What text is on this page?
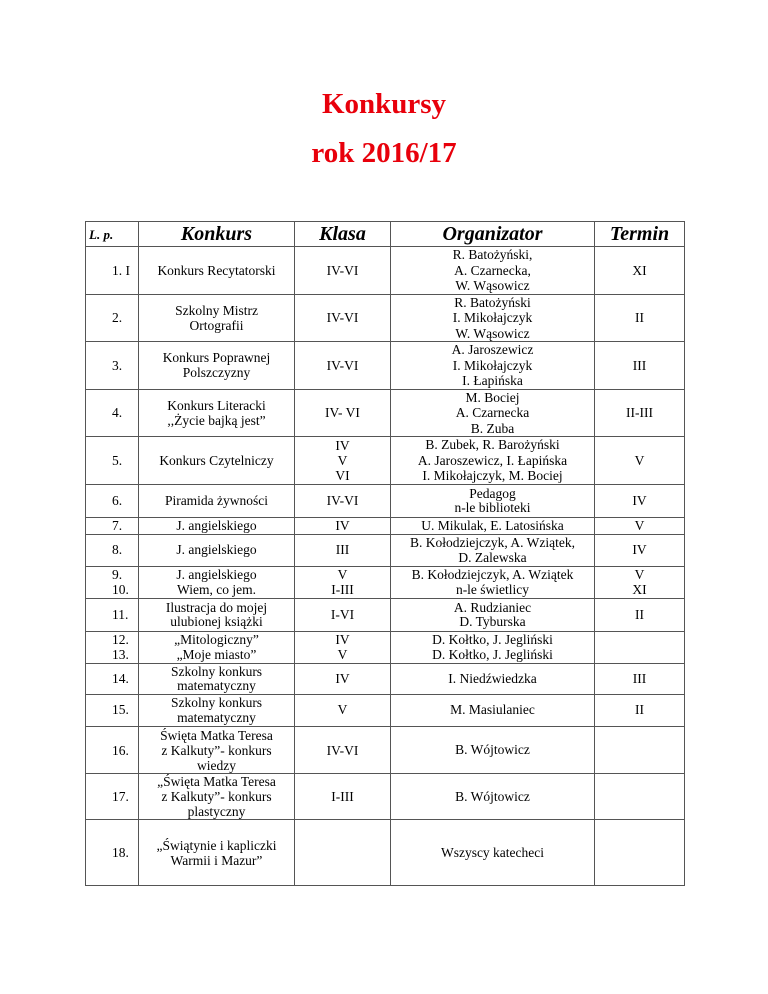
Konkursy
rok 2016/17
L. p.	Konkurs	Klasa	Organizator	Termin
1. I	Konkurs Recytatorski	IV-VI	R. Batożyński,
A. Czarnecka,
W. Wąsowicz	XI
2.	Szkolny Mistrz
Ortografii	IV-VI	R. Batożyński
I. Mikołajczyk
W. Wąsowicz	II
3.	Konkurs Poprawnej
Polszczyzny	IV-VI	A. Jaroszewicz
I. Mikołajczyk
I. Łapińska	III
4.	Konkurs Literacki
,,Życie bajką jest”	IV- VI	M. Bociej
A. Czarnecka
B. Zuba	II-III
5.	Konkurs Czytelniczy	IV
V
VI	B. Zubek, R. Barożyński
A. Jaroszewicz, I. Łapińska
I. Mikołajczyk, M. Bociej	V
6.	Piramida żywności	IV-VI	Pedagog
n-le biblioteki	IV
7.	J. angielskiego	IV	U. Mikulak, E. Latosińska	V
8.	J. angielskiego	III	B. Kołodziejczyk, A. Wziątek,
D. Zalewska	IV
9.
10.	J. angielskiego
Wiem, co jem.	V
I-III	B. Kołodziejczyk, A. Wziątek
n-le świetlicy	V
XI
11.	Ilustracja do mojej
ulubionej książki	I-VI	A. Rudzianiec
D. Tyburska	II
12.
13.	„Mitologiczny”
„Moje miasto”	IV
V	D. Kołtko, J. Jegliński
D. Kołtko, J. Jegliński	
14.	Szkolny konkurs
matematyczny	IV	I. Niedźwiedzka	III
15.	Szkolny konkurs
matematyczny	V	M. Masiulaniec	II
16.	Święta Matka Teresa
z Kalkuty”- konkurs
wiedzy	IV-VI	B. Wójtowicz	
17.	„Święta Matka Teresa
z Kalkuty”- konkurs
plastyczny	I-III	B. Wójtowicz	
18.	„Świątynie i kapliczki
Warmii i Mazur”		Wszyscy katecheci	
